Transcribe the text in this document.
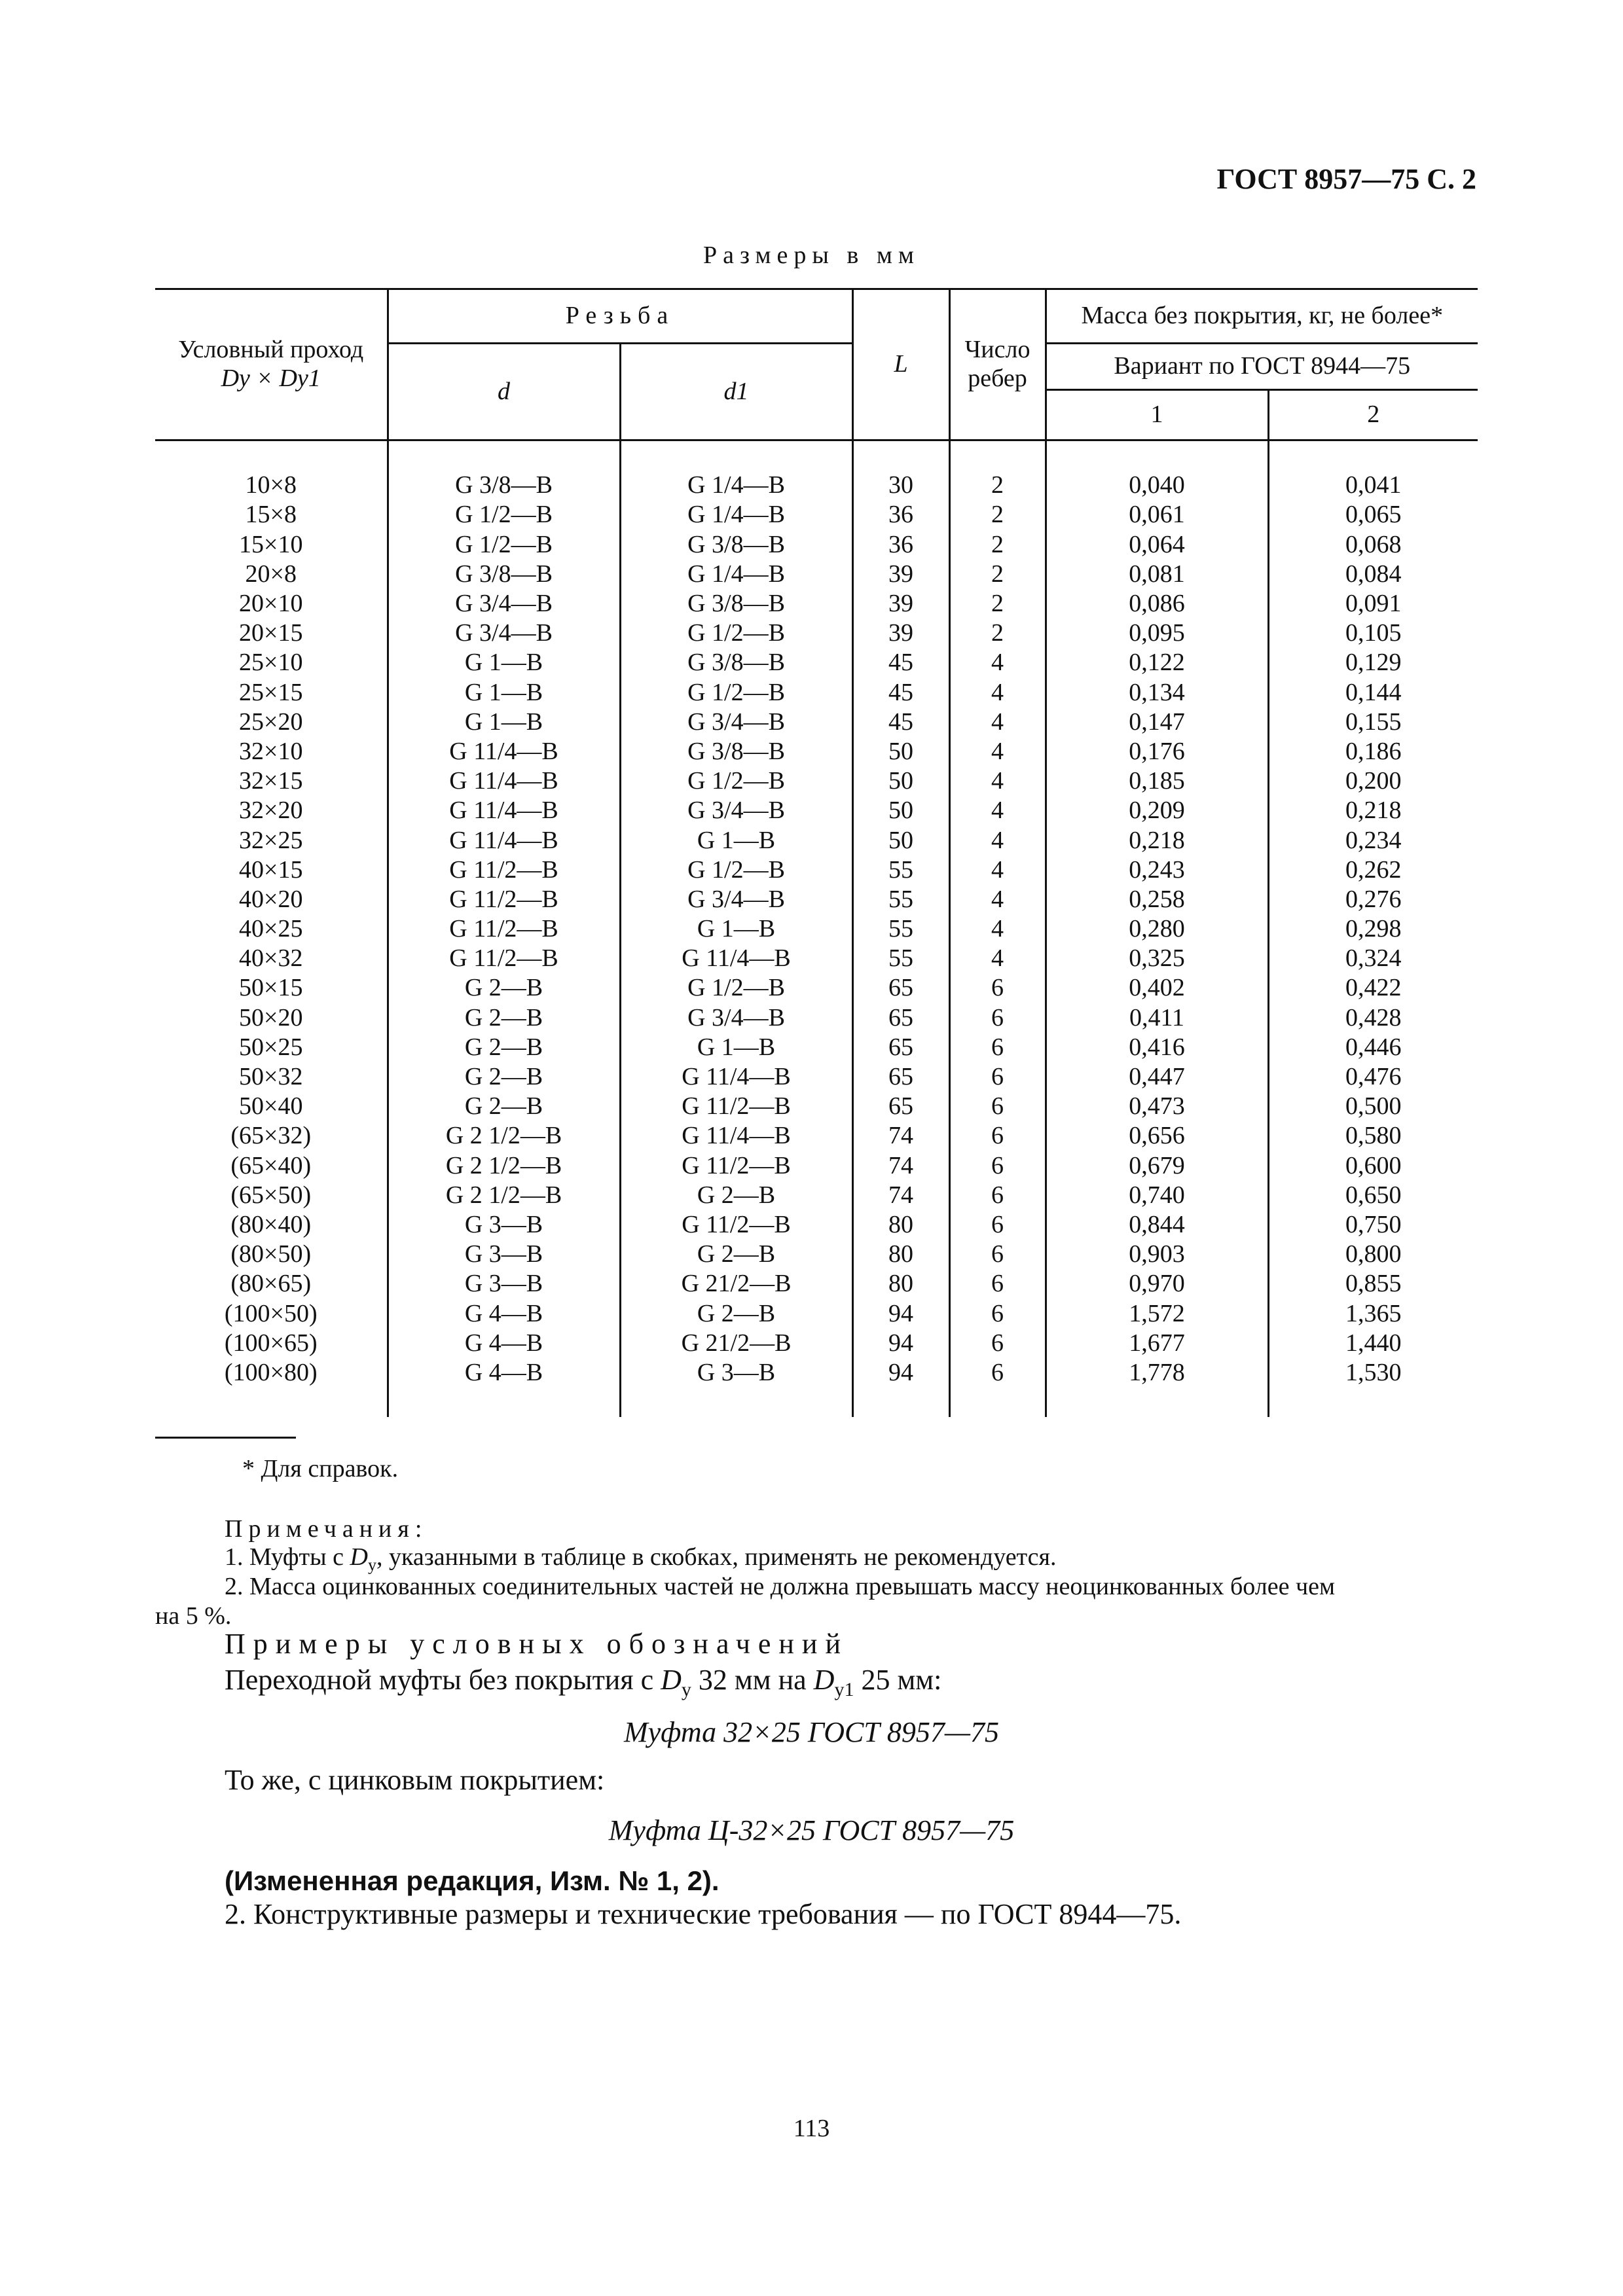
ГОСТ 8957—75 С. 2
Размеры в мм
Условный проход
Dу × Dу1	Резьба		L	Число ребер	Масса без покрытия, кг, не более*	
	d	d1			Вариант по ГОСТ 8944—75	
					1	2

10×8	G 3/8—B	G 1/4—B	30	2	0,040	0,041
15×8	G 1/2—B	G 1/4—B	36	2	0,061	0,065
15×10	G 1/2—B	G 3/8—B	36	2	0,064	0,068
20×8	G 3/8—B	G 1/4—B	39	2	0,081	0,084
20×10	G 3/4—B	G 3/8—B	39	2	0,086	0,091
20×15	G 3/4—B	G 1/2—B	39	2	0,095	0,105
25×10	G 1—B	G 3/8—B	45	4	0,122	0,129
25×15	G 1—B	G 1/2—B	45	4	0,134	0,144
25×20	G 1—B	G 3/4—B	45	4	0,147	0,155
32×10	G 11/4—B	G 3/8—B	50	4	0,176	0,186
32×15	G 11/4—B	G 1/2—B	50	4	0,185	0,200
32×20	G 11/4—B	G 3/4—B	50	4	0,209	0,218
32×25	G 11/4—B	G 1—B	50	4	0,218	0,234
40×15	G 11/2—B	G 1/2—B	55	4	0,243	0,262
40×20	G 11/2—B	G 3/4—B	55	4	0,258	0,276
40×25	G 11/2—B	G 1—B	55	4	0,280	0,298
40×32	G 11/2—B	G 11/4—B	55	4	0,325	0,324
50×15	G 2—B	G 1/2—B	65	6	0,402	0,422
50×20	G 2—B	G 3/4—B	65	6	0,411	0,428
50×25	G 2—B	G 1—B	65	6	0,416	0,446
50×32	G 2—B	G 11/4—B	65	6	0,447	0,476
50×40	G 2—B	G 11/2—B	65	6	0,473	0,500
(65×32)	G 2 1/2—B	G 11/4—B	74	6	0,656	0,580
(65×40)	G 2 1/2—B	G 11/2—B	74	6	0,679	0,600
(65×50)	G 2 1/2—B	G 2—B	74	6	0,740	0,650
(80×40)	G 3—B	G 11/2—B	80	6	0,844	0,750
(80×50)	G 3—B	G 2—B	80	6	0,903	0,800
(80×65)	G 3—B	G 21/2—B	80	6	0,970	0,855
(100×50)	G 4—B	G 2—B	94	6	1,572	1,365
(100×65)	G 4—B	G 21/2—B	94	6	1,677	1,440
(100×80)	G 4—B	G 3—B	94	6	1,778	1,530

* Для справок.
Примечания:
1. Муфты с $D_у$, указанными в таблице в скобках, применять не рекомендуется.
2. Масса оцинкованных соединительных частей не должна превышать массу неоцинкованных более чем
на 5 %.
Примеры условных обозначений
Переходной муфты без покрытия с $D_у$ 32 мм на $D_{у1}$ 25 мм:
Муфта 32×25 ГОСТ 8957—75
То же, с цинковым покрытием:
Муфта Ц-32×25 ГОСТ 8957—75
(Измененная редакция, Изм. № 1, 2).
2. Конструктивные размеры и технические требования — по ГОСТ 8944—75.
113
